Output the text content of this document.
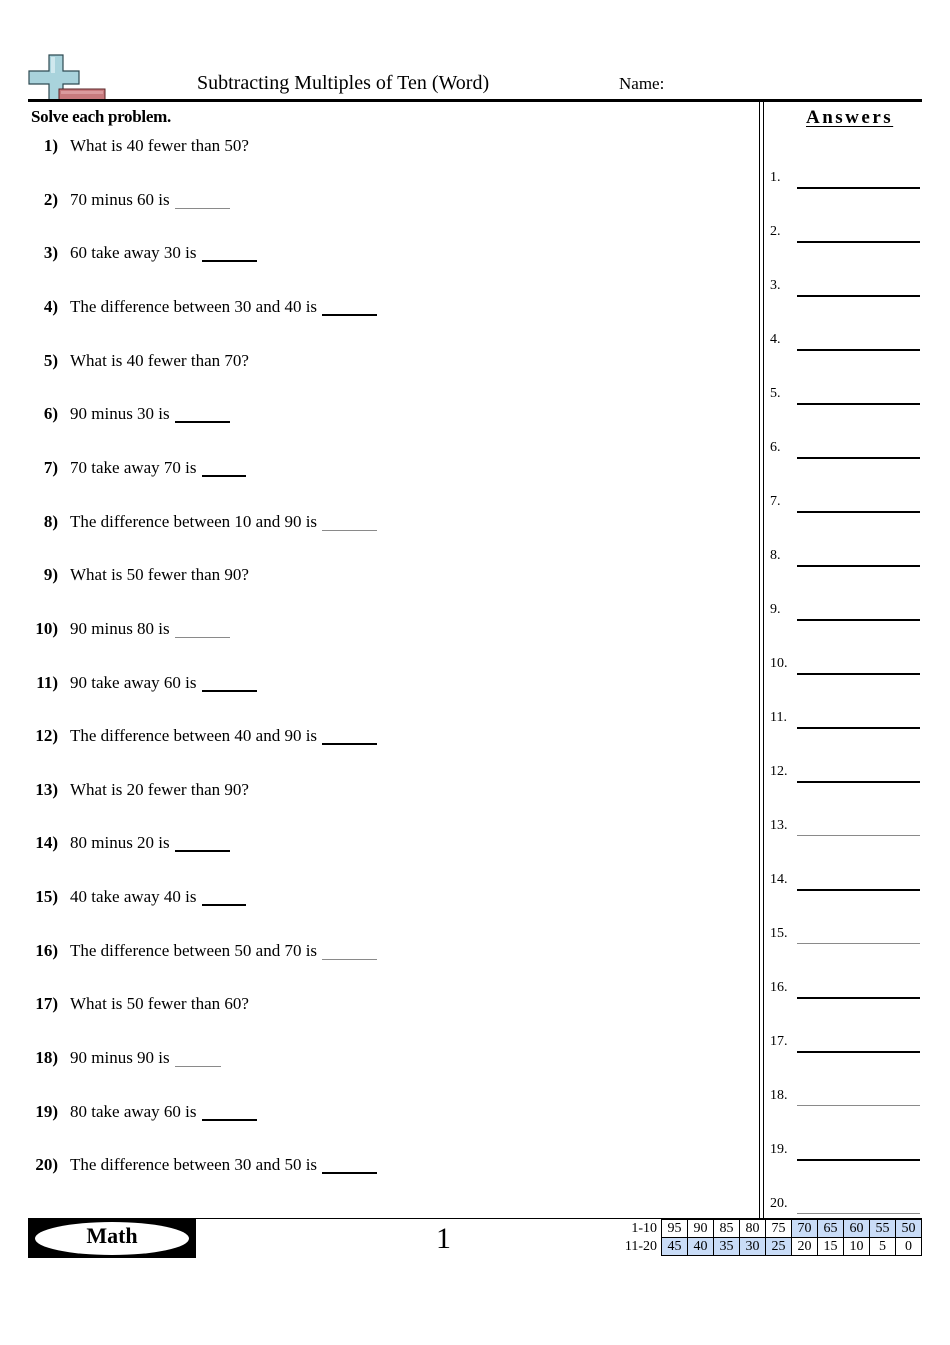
Subtracting Multiples of Ten (Word)	Name:
Solve each problem.
1) What is 40 fewer than 50?
2) 70 minus 60 is
3) 60 take away 30 is
4) The difference between 30 and 40 is
5) What is 40 fewer than 70?
6) 90 minus 30 is
7) 70 take away 70 is
8) The difference between 10 and 90 is
9) What is 50 fewer than 90?
10) 90 minus 80 is
11) 90 take away 60 is
12) The difference between 40 and 90 is
13) What is 20 fewer than 90?
14) 80 minus 20 is
15) 40 take away 40 is
16) The difference between 50 and 70 is
17) What is 50 fewer than 60?
18) 90 minus 90 is
19) 80 take away 60 is
20) The difference between 30 and 50 is
Answers
1.
2.
3.
4.
5.
6.
7.
8.
9.
10.
11.
12.
13.
14.
15.
16.
17.
18.
19.
20.
Math	1	1-10	95	90	85	80	75	70	65	60	55	50
11-20	45	40	35	30	25	20	15	10	5	0
